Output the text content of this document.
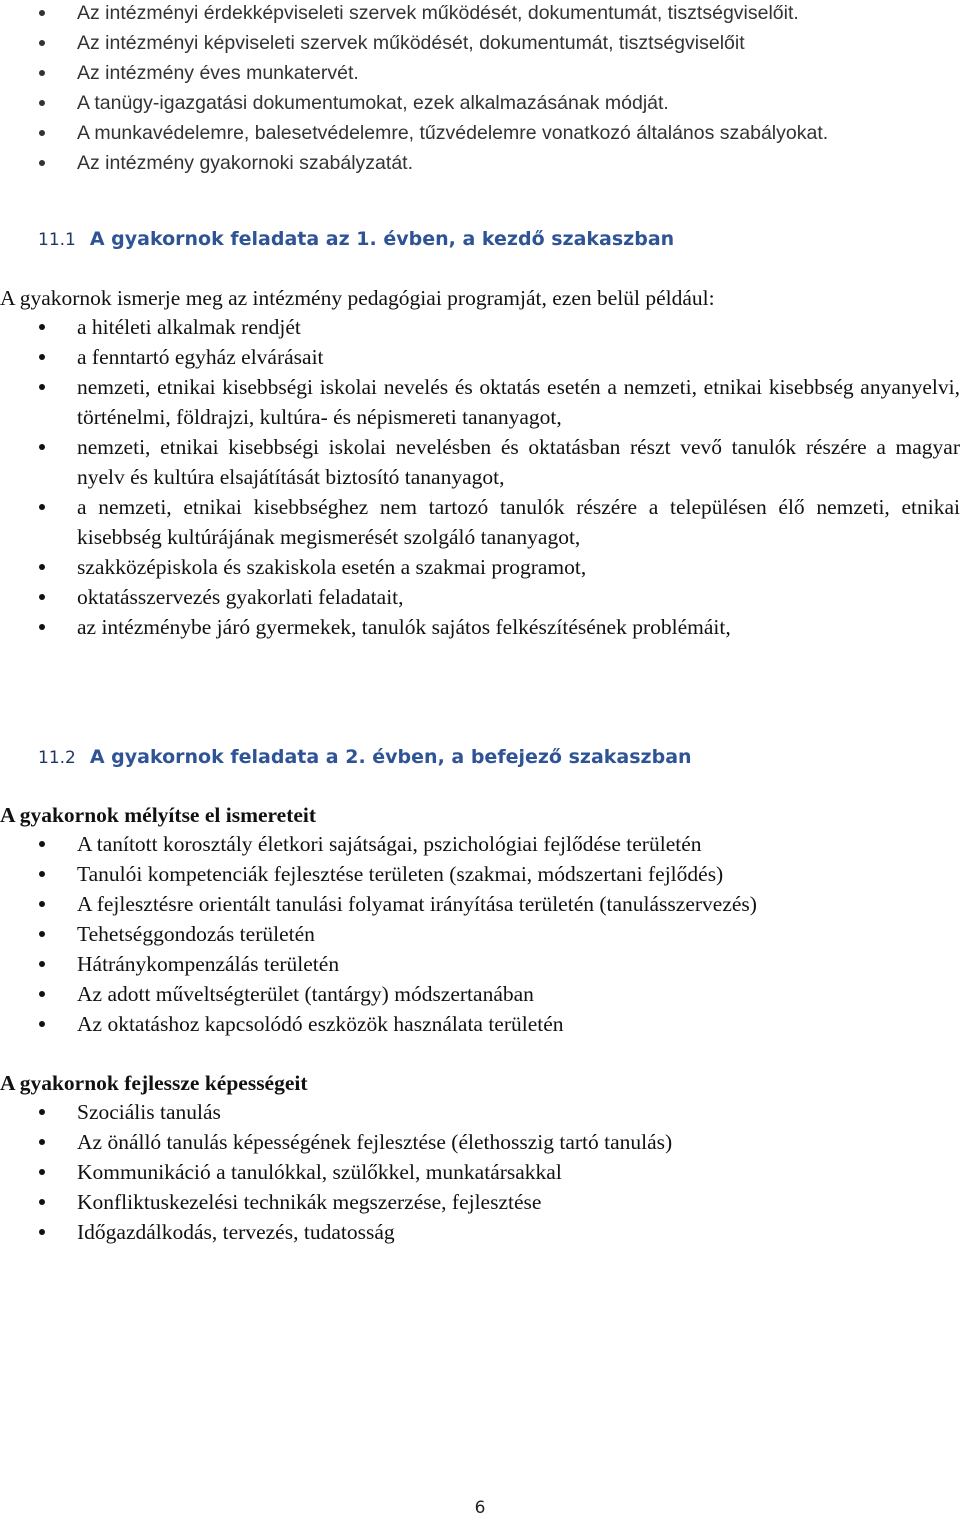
Az intézményi érdekképviseleti szervek működését, dokumentumát, tisztségviselőit.
Az intézményi képviseleti szervek működését, dokumentumát, tisztségviselőit
Az intézmény éves munkatervét.
A tanügy-igazgatási dokumentumokat, ezek alkalmazásának módját.
A munkavédelemre, balesetvédelemre, tűzvédelemre vonatkozó általános szabályokat.
Az intézmény gyakornoki szabályzatát.
11.1 A gyakornok feladata az 1. évben, a kezdő szakaszban
A gyakornok ismerje meg az intézmény pedagógiai programját, ezen belül például:
a hitéleti alkalmak rendjét
a fenntartó egyház elvárásait
nemzeti, etnikai kisebbségi iskolai nevelés és oktatás esetén a nemzeti, etnikai kisebbség anyanyelvi, történelmi, földrajzi, kultúra- és népismereti tananyagot,
nemzeti, etnikai kisebbségi iskolai nevelésben és oktatásban részt vevő tanulók részére a magyar nyelv és kultúra elsajátítását biztosító tananyagot,
a nemzeti, etnikai kisebbséghez nem tartozó tanulók részére a településen élő nemzeti, etnikai kisebbség kultúrájának megismerését szolgáló tananyagot,
szakközépiskola és szakiskola esetén a szakmai programot,
oktatásszervezés gyakorlati feladatait,
az intézménybe járó gyermekek, tanulók sajátos felkészítésének problémáit,
11.2 A gyakornok feladata a 2. évben, a befejező szakaszban
A gyakornok mélyítse el ismereteit
A tanított korosztály életkori sajátságai, pszichológiai fejlődése területén
Tanulói kompetenciák fejlesztése területen (szakmai, módszertani fejlődés)
A fejlesztésre orientált tanulási folyamat irányítása területén (tanulásszervezés)
Tehetséggondozás területén
Hátránykompenzálás területén
Az adott műveltségterület (tantárgy) módszertanában
Az oktatáshoz kapcsolódó eszközök használata területén
A gyakornok fejlessze képességeit
Szociális tanulás
Az önálló tanulás képességének fejlesztése (élethosszig tartó tanulás)
Kommunikáció a tanulókkal, szülőkkel, munkatársakkal
Konfliktuskezelési technikák megszerzése, fejlesztése
Időgazdálkodás, tervezés, tudatosság
6
